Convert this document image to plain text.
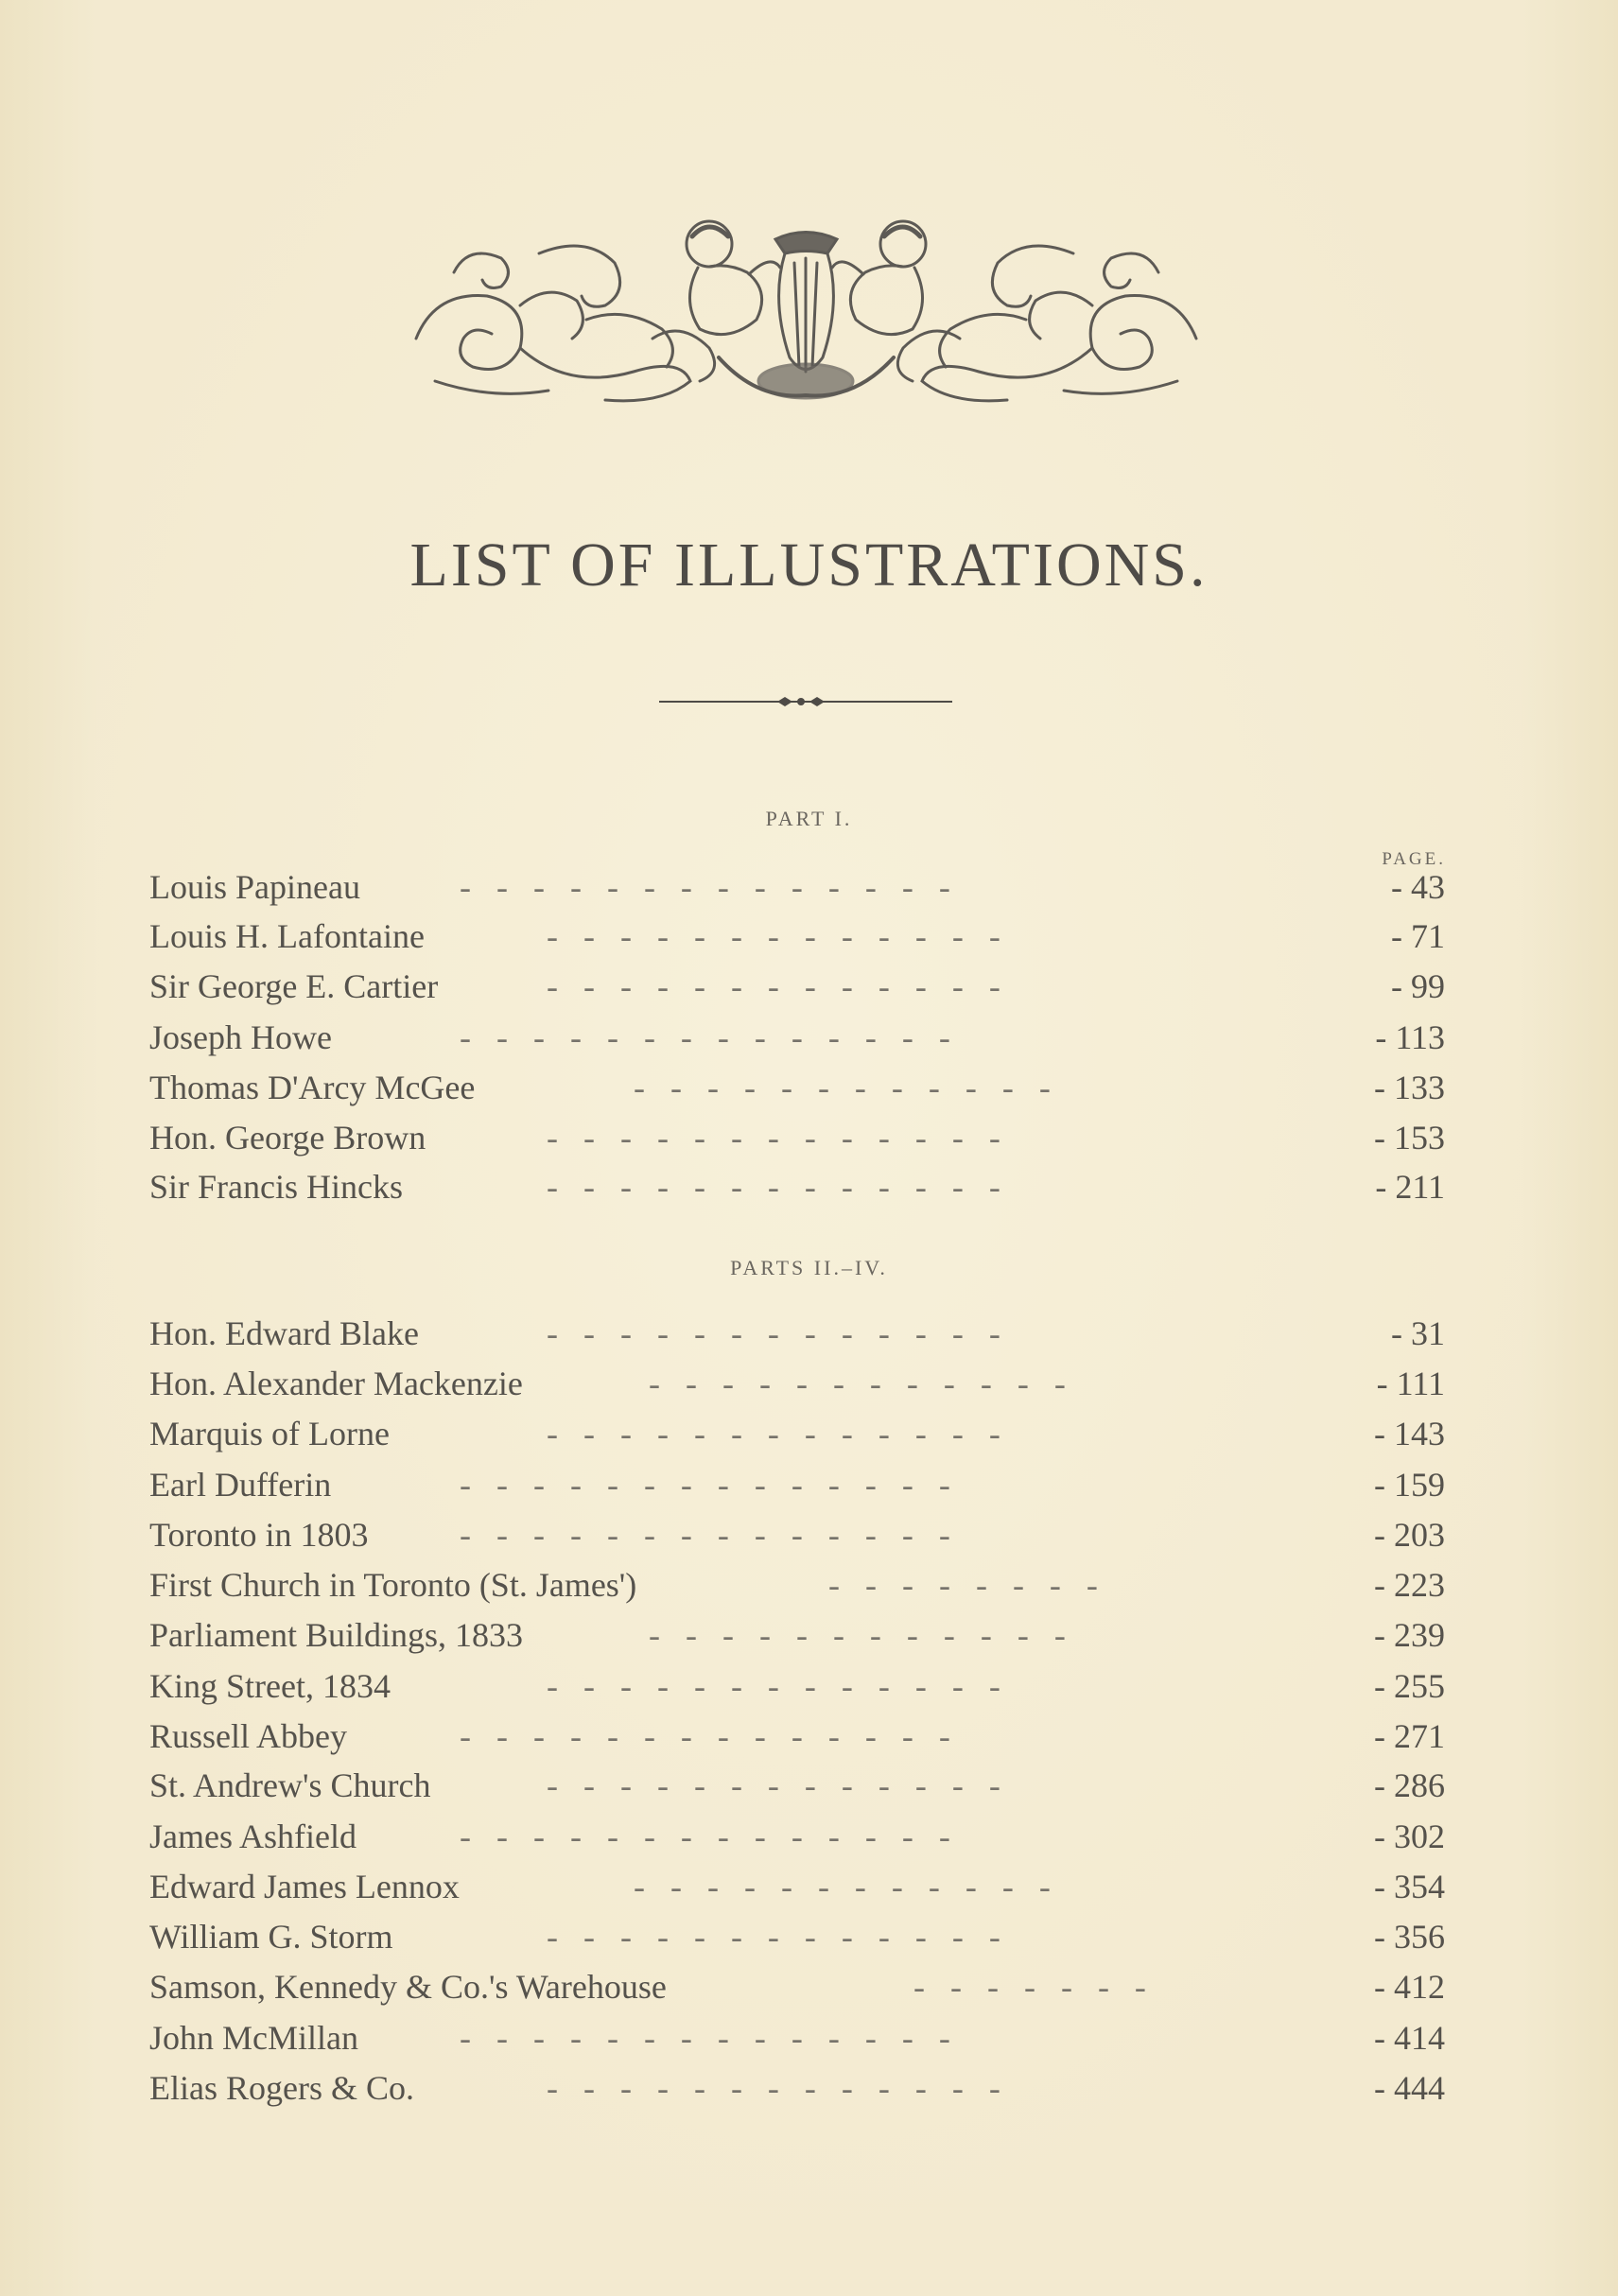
LIST OF ILLUSTRATIONS.
PART I.
PAGE.
Louis Papineau	-   -   -   -   -   -   -   -   -   -   -   -   -   -	- 43
Louis H. Lafontaine	-   -   -   -   -   -   -   -   -   -   -   -   -	- 71
Sir George E. Cartier	-   -   -   -   -   -   -   -   -   -   -   -   -	- 99
Joseph Howe	-   -   -   -   -   -   -   -   -   -   -   -   -   -	- 113
Thomas D'Arcy McGee	-   -   -   -   -   -   -   -   -   -   -   -	- 133
Hon. George Brown	-   -   -   -   -   -   -   -   -   -   -   -   -	- 153
Sir Francis Hincks	-   -   -   -   -   -   -   -   -   -   -   -   -	- 211
PARTS II.–IV.
Hon. Edward Blake	-   -   -   -   -   -   -   -   -   -   -   -   -	- 31
Hon. Alexander Mackenzie	-   -   -   -   -   -   -   -   -   -   -   -	- 111
Marquis of Lorne	-   -   -   -   -   -   -   -   -   -   -   -   -	- 143
Earl Dufferin	-   -   -   -   -   -   -   -   -   -   -   -   -   -	- 159
Toronto in 1803	-   -   -   -   -   -   -   -   -   -   -   -   -   -	- 203
First Church in Toronto (St. James')	-   -   -   -   -   -   -   -	- 223
Parliament Buildings, 1833	-   -   -   -   -   -   -   -   -   -   -   -	- 239
King Street, 1834	-   -   -   -   -   -   -   -   -   -   -   -   -	- 255
Russell Abbey	-   -   -   -   -   -   -   -   -   -   -   -   -   -	- 271
St. Andrew's Church	-   -   -   -   -   -   -   -   -   -   -   -   -	- 286
James Ashfield	-   -   -   -   -   -   -   -   -   -   -   -   -   -	- 302
Edward James Lennox	-   -   -   -   -   -   -   -   -   -   -   -	- 354
William G. Storm	-   -   -   -   -   -   -   -   -   -   -   -   -	- 356
Samson, Kennedy & Co.'s Warehouse	-   -   -   -   -   -   -	- 412
John McMillan	-   -   -   -   -   -   -   -   -   -   -   -   -   -	- 414
Elias Rogers & Co.	-   -   -   -   -   -   -   -   -   -   -   -   -	- 444
